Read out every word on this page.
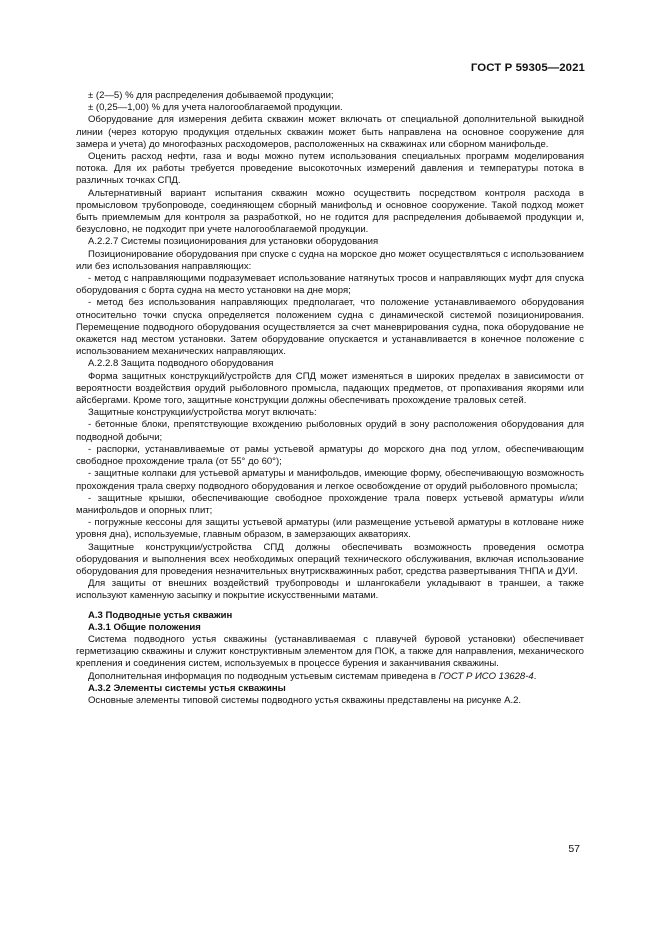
ГОСТ Р 59305—2021

± (2—5) % для распределения добываемой продукции;

± (0,25—1,00) % для учета налогооблагаемой продукции.

Оборудование для измерения дебита скважин может включать от специальной дополнительной выкидной линии (через которую продукция отдельных скважин может быть направлена на основное сооружение для замера и учета) до многофазных расходомеров, расположенных на скважинах или сборном манифольде.

Оценить расход нефти, газа и воды можно путем использования специальных программ моделирования потока. Для их работы требуется проведение высокоточных измерений давления и температуры потока в различных точках СПД.

Альтернативный вариант испытания скважин можно осуществить посредством контроля расхода в промысловом трубопроводе, соединяющем сборный манифольд и основное сооружение. Такой подход может быть приемлемым для контроля за разработкой, но не годится для распределения добываемой продукции и, безусловно, не подходит при учете налогооблагаемой продукции.

А.2.2.7 Системы позиционирования для установки оборудования

Позиционирование оборудования при спуске с судна на морское дно может осуществляться с использованием или без использования направляющих:

- метод с направляющими подразумевает использование натянутых тросов и направляющих муфт для спуска оборудования с борта судна на место установки на дне моря;

- метод без использования направляющих предполагает, что положение устанавливаемого оборудования относительно точки спуска определяется положением судна с динамической системой позиционирования. Перемещение подводного оборудования осуществляется за счет маневрирования судна, пока оборудование не окажется над местом установки. Затем оборудование опускается и устанавливается в конечное положение с использованием механических направляющих.

А.2.2.8 Защита подводного оборудования

Форма защитных конструкций/устройств для СПД может изменяться в широких пределах в зависимости от вероятности воздействия орудий рыболовного промысла, падающих предметов, от пропахивания якорями или айсбергами. Кроме того, защитные конструкции должны обеспечивать прохождение траловых сетей.

Защитные конструкции/устройства могут включать:

- бетонные блоки, препятствующие вхождению рыболовных орудий в зону расположения оборудования для подводной добычи;

- распорки, устанавливаемые от рамы устьевой арматуры до морского дна под углом, обеспечивающим свободное прохождение трала (от 55° до 60°);

- защитные колпаки для устьевой арматуры и манифольдов, имеющие форму, обеспечивающую возможность прохождения трала сверху подводного оборудования и легкое освобождение от орудий рыболовного промысла;

- защитные крышки, обеспечивающие свободное прохождение трала поверх устьевой арматуры и/или манифольдов и опорных плит;

- погружные кессоны для защиты устьевой арматуры (или размещение устьевой арматуры в котловане ниже уровня дна), используемые, главным образом, в замерзающих акваториях.

Защитные конструкции/устройства СПД должны обеспечивать возможность проведения осмотра оборудования и выполнения всех необходимых операций технического обслуживания, включая использование оборудования для проведения незначительных внутрискважинных работ, средства развертывания ТНПА и ДУИ.

Для защиты от внешних воздействий трубопроводы и шлангокабели укладывают в траншеи, а также используют каменную засыпку и покрытие искусственными матами.

А.3 Подводные устья скважин

А.3.1 Общие положения

Система подводного устья скважины (устанавливаемая с плавучей буровой установки) обеспечивает герметизацию скважины и служит конструктивным элементом для ПОК, а также для направления, механического крепления и соединения систем, используемых в процессе бурения и заканчивания скважины.

Дополнительная информация по подводным устьевым системам приведена в ГОСТ Р ИСО 13628-4.

А.3.2 Элементы системы устья скважины

Основные элементы типовой системы подводного устья скважины представлены на рисунке А.2.

57
